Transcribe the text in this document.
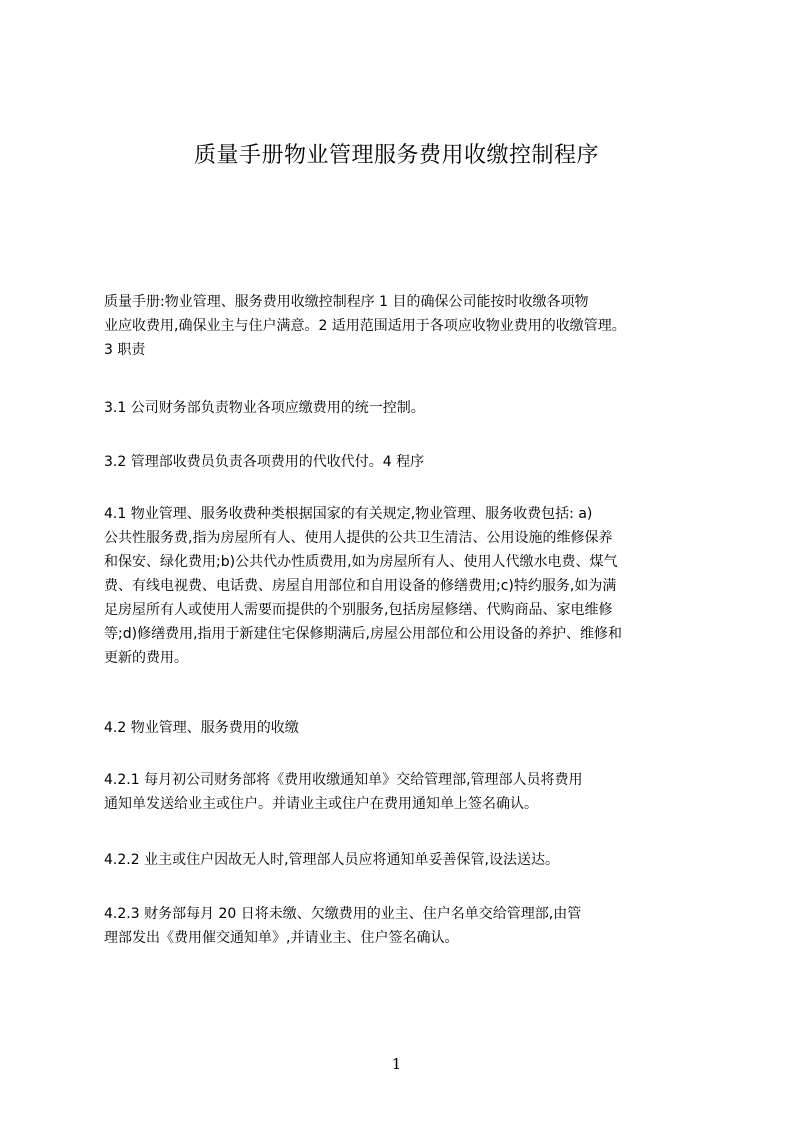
质量手册物业管理服务费用收缴控制程序
质量手册:物业管理、服务费用收缴控制程序 1 目的确保公司能按时收缴各项物
业应收费用,确保业主与住户满意。2 适用范围适用于各项应收物业费用的收缴管理。
3 职责
3.1 公司财务部负责物业各项应缴费用的统一控制。
3.2 管理部收费员负责各项费用的代收代付。4 程序
4.1 物业管理、服务收费种类根据国家的有关规定,物业管理、服务收费包括: a)
公共性服务费,指为房屋所有人、使用人提供的公共卫生清洁、公用设施的维修保养
和保安、绿化费用;b)公共代办性质费用,如为房屋所有人、使用人代缴水电费、煤气
费、有线电视费、电话费、房屋自用部位和自用设备的修缮费用;c)特约服务,如为满
足房屋所有人或使用人需要而提供的个别服务,包括房屋修缮、代购商品、家电维修
等;d)修缮费用,指用于新建住宅保修期满后,房屋公用部位和公用设备的养护、维修和
更新的费用。
4.2 物业管理、服务费用的收缴
4.2.1 每月初公司财务部将《费用收缴通知单》交给管理部,管理部人员将费用
通知单发送给业主或住户。并请业主或住户在费用通知单上签名确认。
4.2.2 业主或住户因故无人时,管理部人员应将通知单妥善保管,设法送达。
4.2.3 财务部每月 20 日将未缴、欠缴费用的业主、住户名单交给管理部,由管
理部发出《费用催交通知单》,并请业主、住户签名确认。
1
